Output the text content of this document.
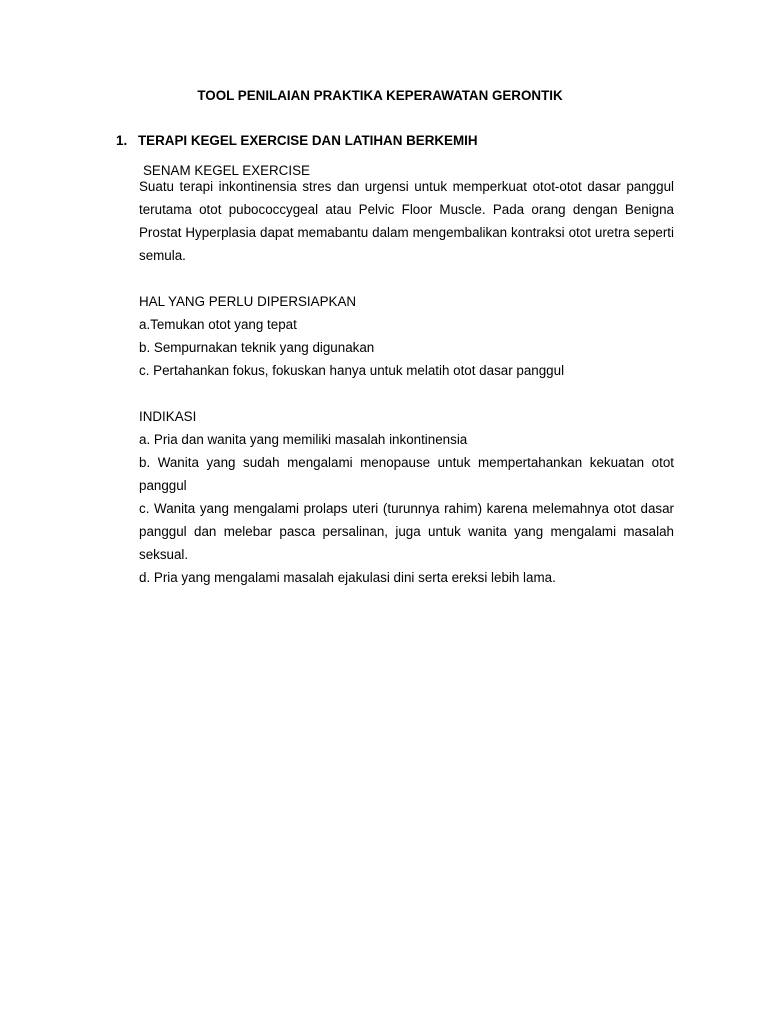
TOOL PENILAIAN PRAKTIKA KEPERAWATAN GERONTIK
1. TERAPI KEGEL EXERCISE DAN LATIHAN BERKEMIH
SENAM KEGEL EXERCISE

Suatu terapi inkontinensia stres dan urgensi untuk memperkuat otot-otot dasar panggul terutama otot pubococcygeal atau Pelvic Floor Muscle. Pada orang dengan Benigna Prostat Hyperplasia dapat memabantu dalam mengembalikan kontraksi otot uretra seperti semula.

HAL YANG PERLU DIPERSIAPKAN

a.Temukan otot yang tepat

b. Sempurnakan teknik yang digunakan

c. Pertahankan fokus, fokuskan hanya untuk melatih otot dasar panggul

INDIKASI

a. Pria dan wanita yang memiliki masalah inkontinensia

b. Wanita yang sudah mengalami menopause untuk mempertahankan kekuatan otot panggul

c. Wanita yang mengalami prolaps uteri (turunnya rahim) karena melemahnya otot dasar panggul dan melebar pasca persalinan, juga untuk wanita yang mengalami masalah seksual.

d. Pria yang mengalami masalah ejakulasi dini serta ereksi lebih lama.
